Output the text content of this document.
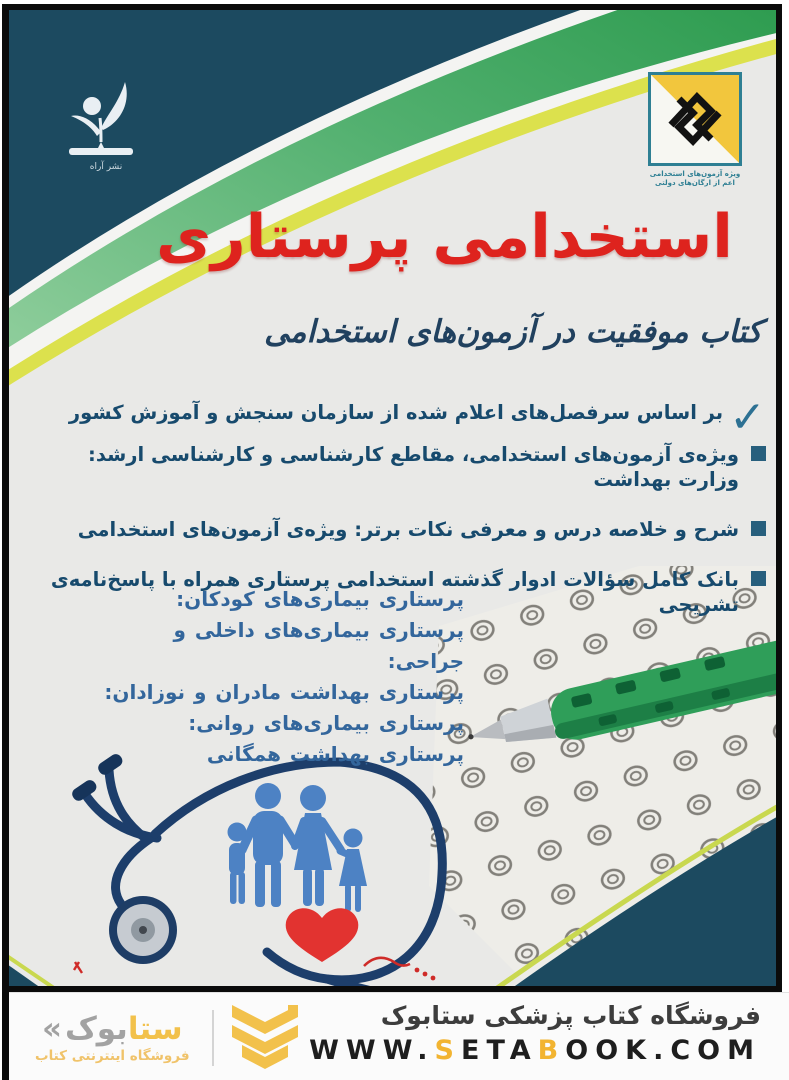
نشر آراه
ویژه آزمون‌های استخدامی
اعم از ارگان‌های دولتی
استخدامی پرستاری
کتاب موفقیت در آزمون‌های استخدامی
✓
بر اساس سرفصل‌های اعلام شده از سازمان سنجش و آموزش کشور
ویژه‌ی آزمون‌های استخدامی، مقاطع کارشناسی و کارشناسی ارشد: وزارت بهداشت
شرح و خلاصه درس و معرفی نکات برتر: ویژه‌ی آزمون‌های استخدامی
بانک کامل سؤالات ادوار گذشته استخدامی پرستاری همراه با پاسخ‌نامه‌ی تشریحی
پرستاری بیماری‌های کودکان:
پرستاری بیماری‌های داخلی و جراحی:
پرستاری بهداشت مادران و نوزادان:
پرستاری بیماری‌های روانی:
پرستاری بهداشت همگانی
ستابوک«
فروشگاه اینترنتی کتاب
فروشگاه کتاب پزشکی ستابوک
WWW.SETABOOK.COM
